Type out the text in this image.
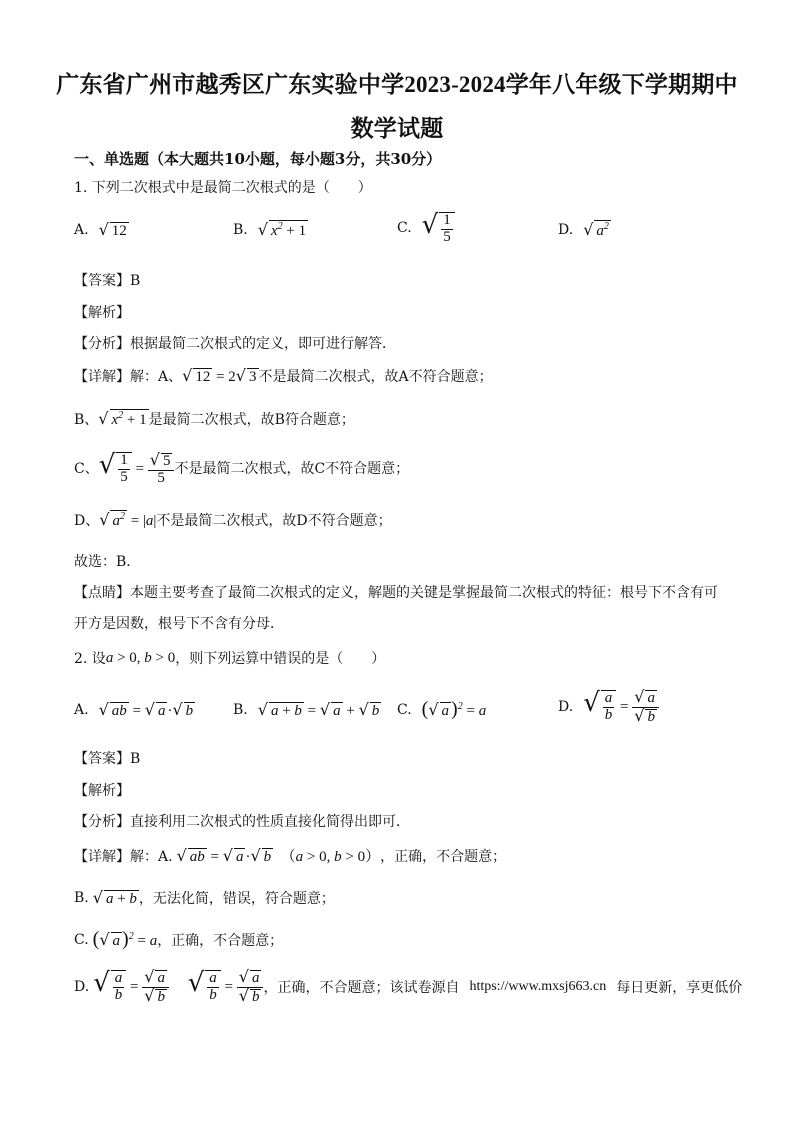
广东省广州市越秀区广东实验中学2023-2024学年八年级下学期期中
数学试题
一、单选题（本大题共10小题，每小题3分，共30分）
1. 下列二次根式中是最简二次根式的是（　　）
A. √ 12	B. √ $x^2 + 1$	C. √ $\frac{1}{5}$	D. √ $a^2$
【答案】B
【解析】
【分析】根据最简二次根式的定义，即可进行解答．
【详解】解：A、 √ 12 = 2√ 3 不是最简二次根式，故A不符合题意；
B、 √ $x^2 + 1$ 是最简二次根式，故B符合题意；
C、 √ $\frac{1}{5} = \frac{√ 5}{5}$ 不是最简二次根式，故C不符合题意；
D、 √ $a^2 = |a|$ 不是最简二次根式，故D不符合题意；
故选：B．
【点睛】本题主要考查了最简二次根式的定义，解题的关键是掌握最简二次根式的特征：根号下不含有可
开方是因数，根号下不含有分母．
2. 设 a > 0, b > 0 ，则下列运算中错误的是（　　）
A. √ ab = √ a ·√ b	B. √ a + b = √ a + √ b C. (√ a )$^2$ = a	D. √ $\frac{a}{b} = \frac{√ a}{√ b}$
【答案】B
【解析】
【分析】直接利用二次根式的性质直接化简得出即可．
【详解】解：A. √ ab = √ a ·√ b　（a > 0, b > 0） ，正确，不合题意；
B. √ a + b ，无法化简，错误，符合题意；
C. (√ a )$^2$ = a ，正确，不合题意；
D. √ $\frac{a}{b} = \frac{√ a}{√ b}$
　 √ $\frac{a}{b} = \frac{√ a}{√ b}$ ，正确，不合题意；该试卷源自 https://www.mxsj663.cn 每日更新，享更低价
